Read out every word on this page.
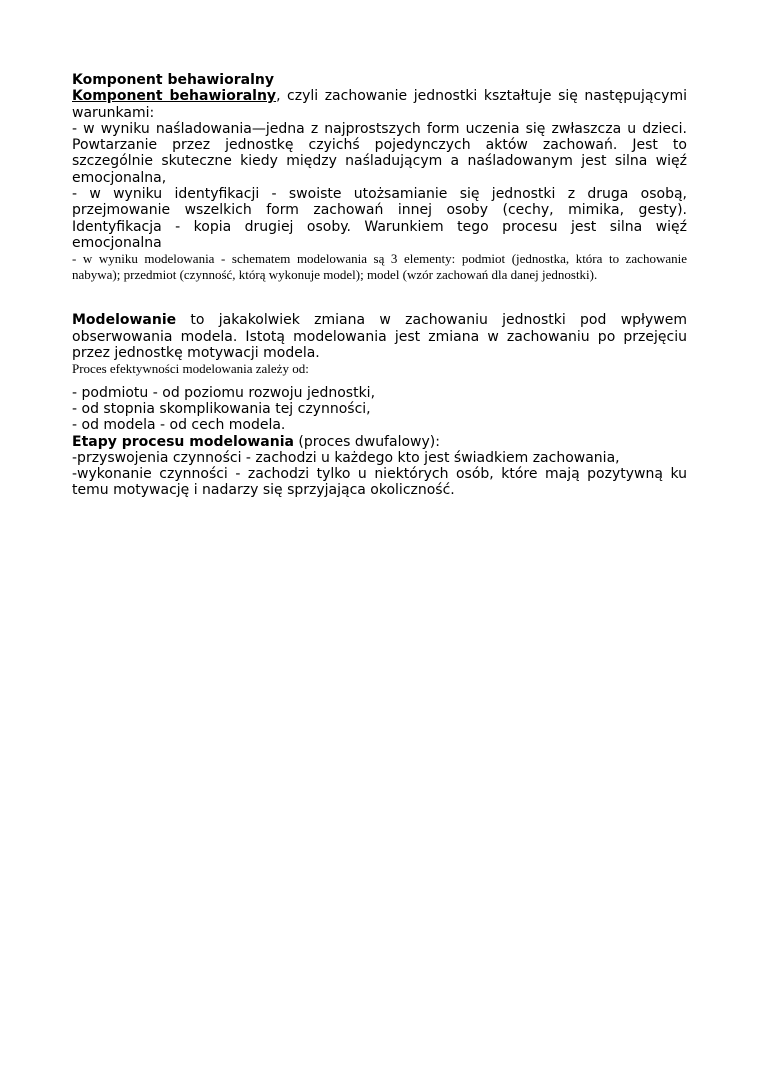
Komponent behawioralny

Komponent behawioralny, czyli zachowanie jednostki kształtuje się następującymi warunkami:

- w wyniku naśladowania—jedna z najprostszych form uczenia się zwłaszcza u dzieci. Powtarzanie przez jednostkę czyichś pojedynczych aktów zachowań. Jest to szczególnie skuteczne kiedy między naśladującym a naśladowanym jest silna więź emocjonalna,

- w wyniku identyfikacji - swoiste utożsamianie się jednostki z druga osobą, przejmowanie wszelkich form zachowań innej osoby (cechy, mimika, gesty). Identyfikacja - kopia drugiej osoby. Warunkiem tego procesu jest silna więź emocjonalna

- w wyniku modelowania - schematem modelowania są 3 elementy: podmiot (jednostka, która to zachowanie nabywa); przedmiot (czynność, którą wykonuje model); model (wzór zachowań dla danej jednostki).

Modelowanie to jakakolwiek zmiana w zachowaniu jednostki pod wpływem obserwowania modela. Istotą modelowania jest zmiana w zachowaniu po przejęciu przez jednostkę motywacji modela.

Proces efektywności modelowania zależy od:

- podmiotu - od poziomu rozwoju jednostki,

- od stopnia skomplikowania tej czynności,

- od modela - od cech modela.

Etapy procesu modelowania (proces dwufalowy):

-przyswojenia czynności - zachodzi u każdego kto jest świadkiem zachowania,

-wykonanie czynności - zachodzi tylko u niektórych osób, które mają pozytywną ku temu motywację i nadarzy się sprzyjająca okoliczność.
